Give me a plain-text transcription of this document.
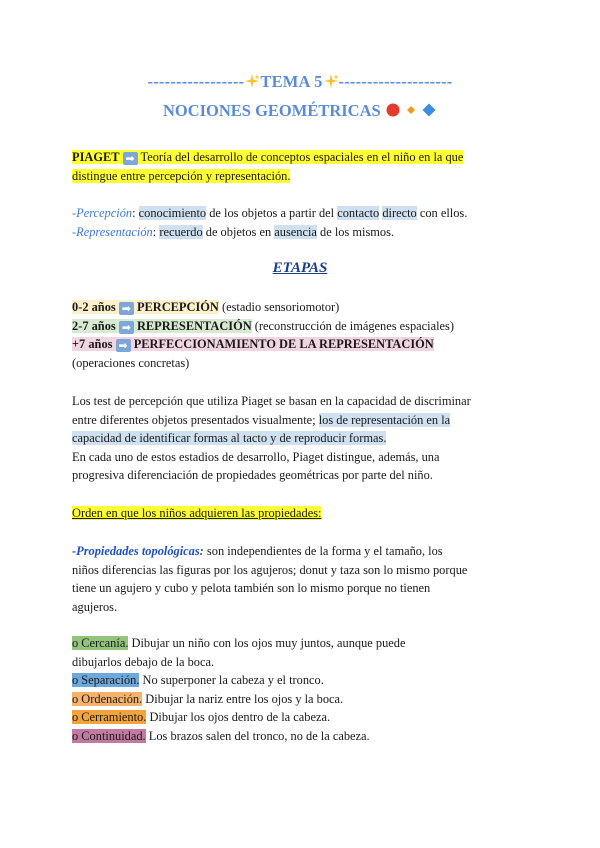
----------------- TEMA 5 --------------------
NOCIONES GEOMÉTRICAS
PIAGET ➡ Teoría del desarrollo de conceptos espaciales en el niño en la que
distingue entre percepción y representación.
-Percepción: conocimiento de los objetos a partir del contacto directo con ellos.
-Representación: recuerdo de objetos en ausencia de los mismos.
ETAPAS
0-2 años ➡ PERCEPCIÓN (estadio sensoriomotor)
2-7 años ➡ REPRESENTACIÓN (reconstrucción de imágenes espaciales)
+7 años ➡ PERFECCIONAMIENTO DE LA REPRESENTACIÓN
(operaciones concretas)
Los test de percepción que utiliza Piaget se basan en la capacidad de discriminar
entre diferentes objetos presentados visualmente; los de representación en la
capacidad de identificar formas al tacto y de reproducir formas.
En cada uno de estos estadios de desarrollo, Piaget distingue, además, una
progresiva diferenciación de propiedades geométricas por parte del niño.
Orden en que los niños adquieren las propiedades:
-Propiedades topológicas: son independientes de la forma y el tamaño, los
niños diferencias las figuras por los agujeros; donut y taza son lo mismo porque
tiene un agujero y cubo y pelota también son lo mismo porque no tienen
agujeros.
o Cercanía. Dibujar un niño con los ojos muy juntos, aunque puede
dibujarlos debajo de la boca.
o Separación. No superponer la cabeza y el tronco.
o Ordenación. Dibujar la nariz entre los ojos y la boca.
o Cerramiento. Dibujar los ojos dentro de la cabeza.
o Continuidad. Los brazos salen del tronco, no de la cabeza.
